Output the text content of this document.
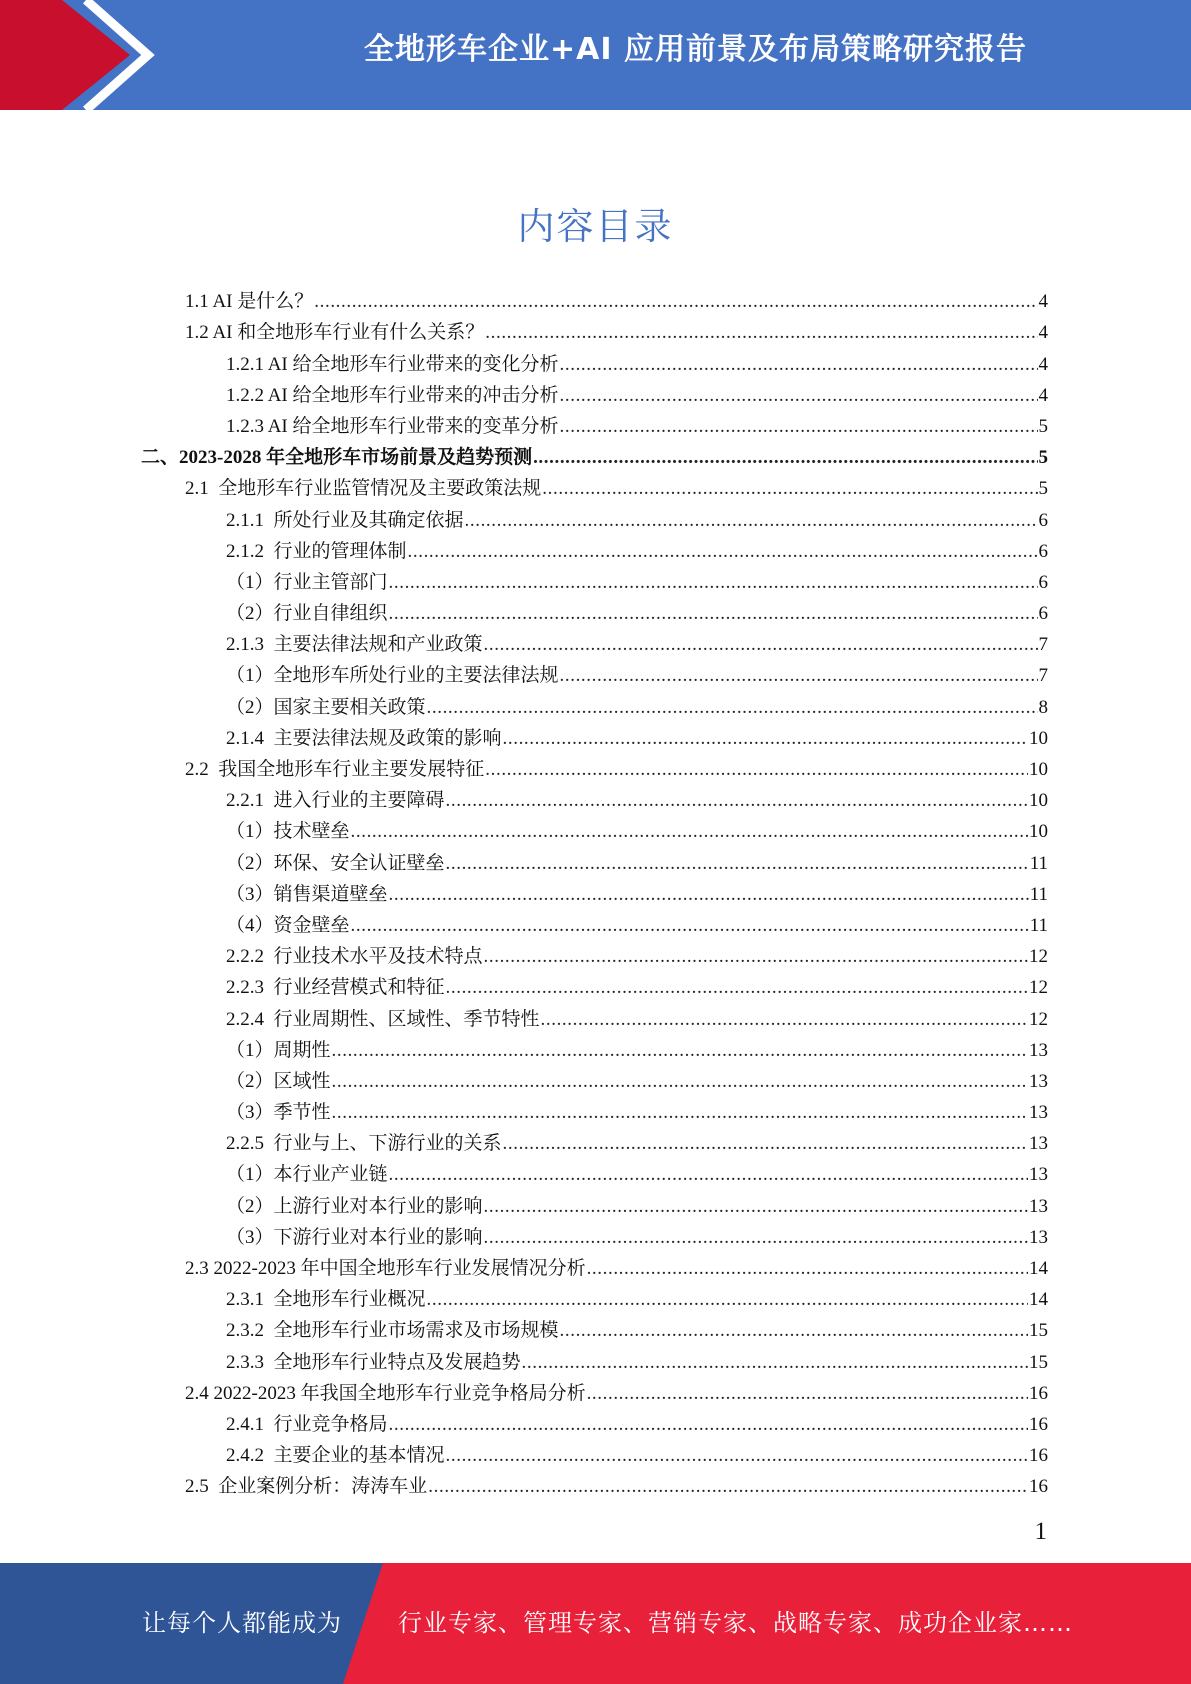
全地形车企业+AI 应用前景及布局策略研究报告
内容目录
1.1 AI 是什么？ .....	4
1.2 AI 和全地形车行业有什么关系？ .....	4
1.2.1 AI 给全地形车行业带来的变化分析 .....	4
1.2.2 AI 给全地形车行业带来的冲击分析 .....	4
1.2.3 AI 给全地形车行业带来的变革分析 .....	5
二、2023-2028 年全地形车市场前景及趋势预测 .....	5
2.1  全地形车行业监管情况及主要政策法规 .....	5
2.1.1  所处行业及其确定依据 .....	6
2.1.2  行业的管理体制 .....	6
（1）行业主管部门 .....	6
（2）行业自律组织 .....	6
2.1.3  主要法律法规和产业政策 .....	7
（1）全地形车所处行业的主要法律法规 .....	7
（2）国家主要相关政策 .....	8
2.1.4  主要法律法规及政策的影响 .....	10
2.2  我国全地形车行业主要发展特征 .....	10
2.2.1  进入行业的主要障碍 .....	10
（1）技术壁垒 .....	10
（2）环保、安全认证壁垒 .....	11
（3）销售渠道壁垒 .....	11
（4）资金壁垒 .....	11
2.2.2  行业技术水平及技术特点 .....	12
2.2.3  行业经营模式和特征 .....	12
2.2.4  行业周期性、区域性、季节特性 .....	12
（1）周期性 .....	13
（2）区域性 .....	13
（3）季节性 .....	13
2.2.5  行业与上、下游行业的关系 .....	13
（1）本行业产业链 .....	13
（2）上游行业对本行业的影响 .....	13
（3）下游行业对本行业的影响 .....	13
2.3 2022-2023 年中国全地形车行业发展情况分析 .....	14
2.3.1  全地形车行业概况 .....	14
2.3.2  全地形车行业市场需求及市场规模 .....	15
2.3.3  全地形车行业特点及发展趋势 .....	15
2.4 2022-2023 年我国全地形车行业竞争格局分析 .....	16
2.4.1  行业竞争格局 .....	16
2.4.2  主要企业的基本情况 .....	16
2.5  企业案例分析：涛涛车业 .....	16
1
让每个人都能成为 行业专家、管理专家、营销专家、战略专家、成功企业家……
